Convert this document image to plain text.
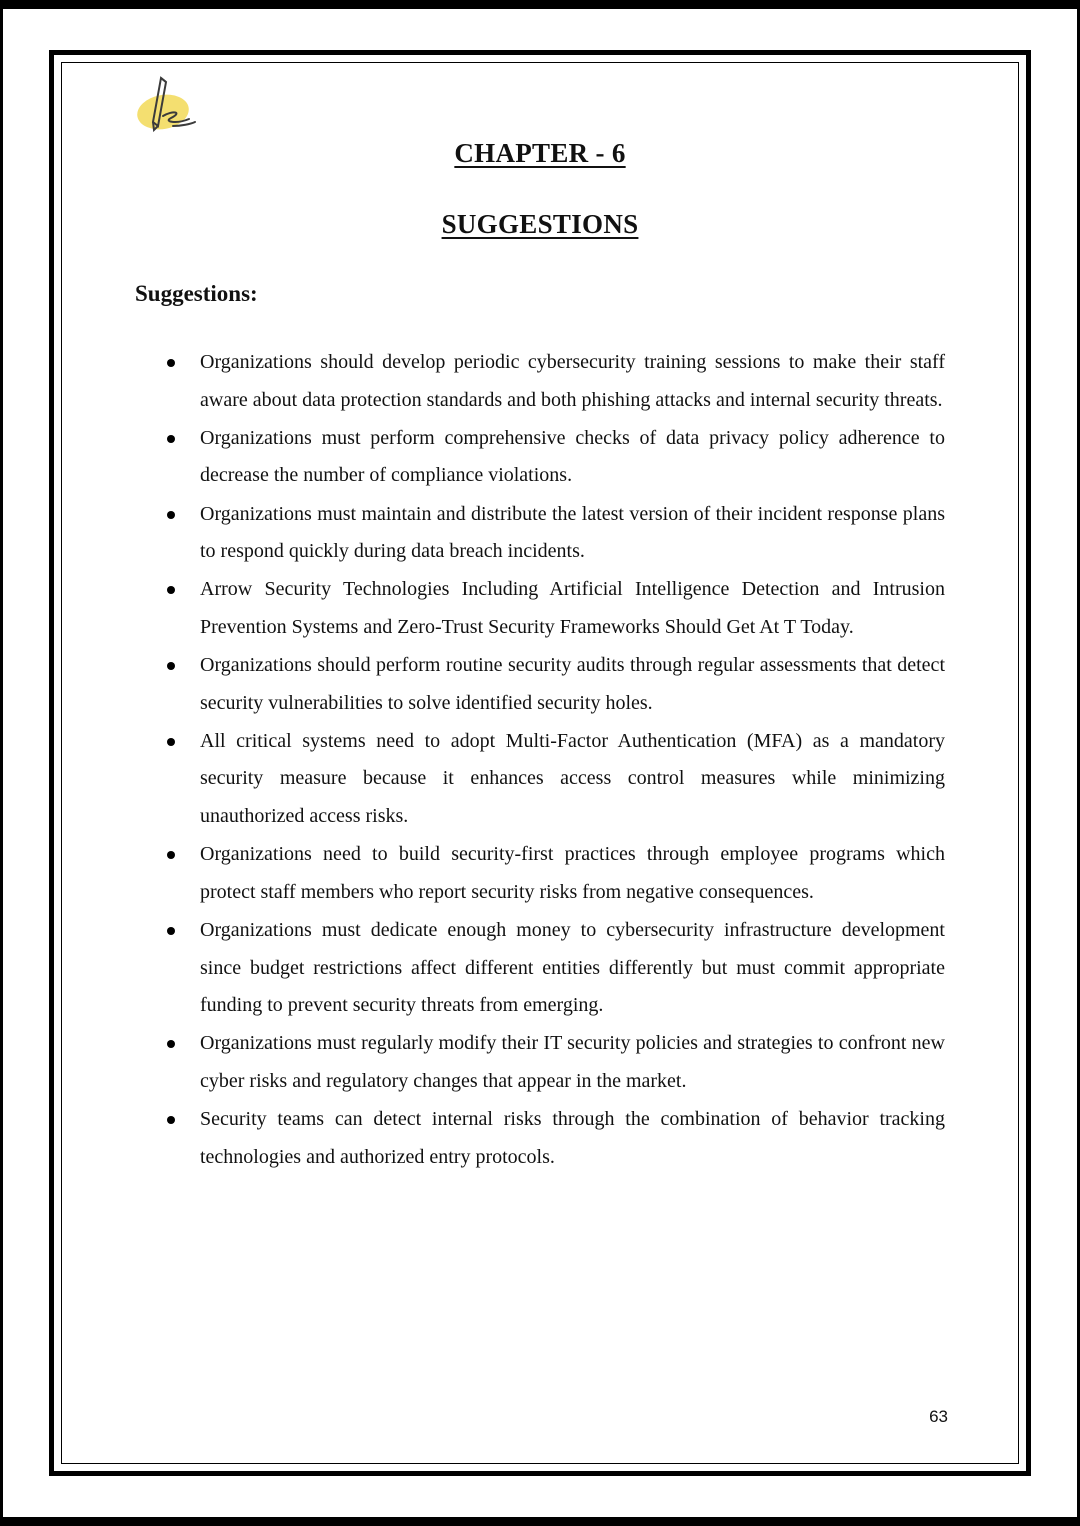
CHAPTER - 6
SUGGESTIONS
Suggestions:
Organizations should develop periodic cybersecurity training sessions to make their staff aware about data protection standards and both phishing attacks and internal security threats.
Organizations must perform comprehensive checks of data privacy policy adherence to decrease the number of compliance violations.
Organizations must maintain and distribute the latest version of their incident response plans to respond quickly during data breach incidents.
Arrow Security Technologies Including Artificial Intelligence Detection and Intrusion Prevention Systems and Zero-Trust Security Frameworks Should Get At T Today.
Organizations should perform routine security audits through regular assessments that detect security vulnerabilities to solve identified security holes.
All critical systems need to adopt Multi-Factor Authentication (MFA) as a mandatory security measure because it enhances access control measures while minimizing unauthorized access risks.
Organizations need to build security-first practices through employee programs which protect staff members who report security risks from negative consequences.
Organizations must dedicate enough money to cybersecurity infrastructure development since budget restrictions affect different entities differently but must commit appropriate funding to prevent security threats from emerging.
Organizations must regularly modify their IT security policies and strategies to confront new cyber risks and regulatory changes that appear in the market.
Security teams can detect internal risks through the combination of behavior tracking technologies and authorized entry protocols.
63
